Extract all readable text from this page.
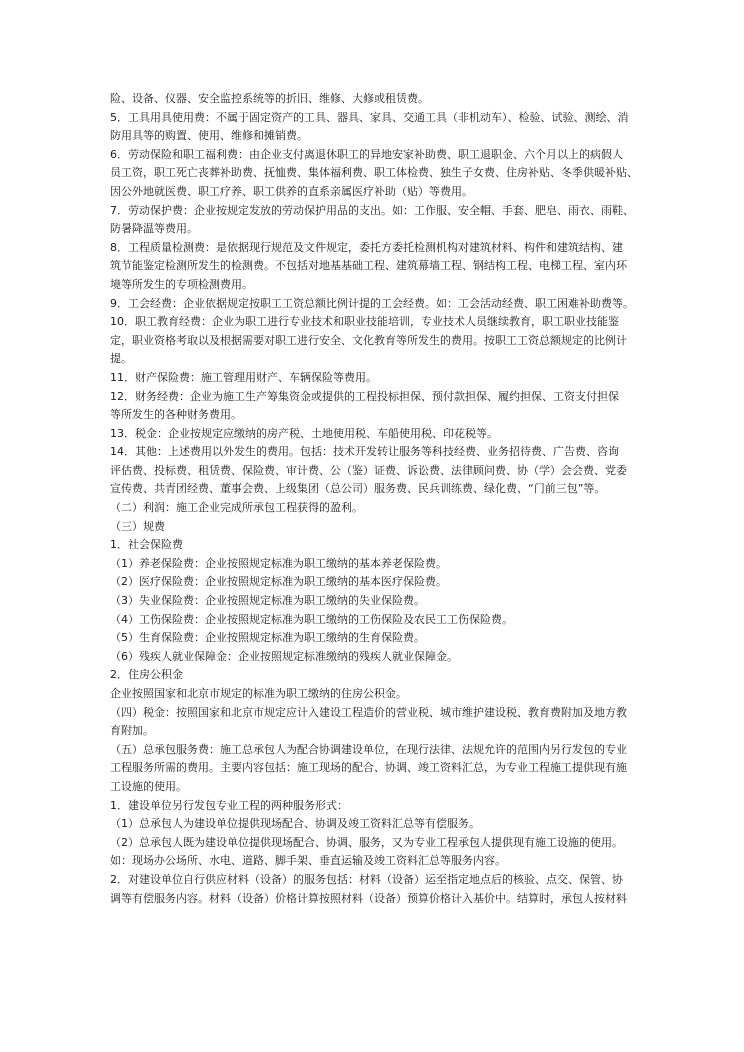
险、设备、仪器、安全监控系统等的折旧、维修、大修或租赁费。
5．工具用具使用费：不属于固定资产的工具、器具、家具、交通工具（非机动车）、检验、试验、测绘、消
防用具等的购置、使用、维修和摊销费。
6．劳动保险和职工福利费：由企业支付离退休职工的异地安家补助费、职工退职金、六个月以上的病假人
员工资，职工死亡丧葬补助费、抚恤费、集体福利费、职工体检费、独生子女费、住房补贴、冬季供暖补贴、
因公外地就医费、职工疗养、职工供养的直系亲属医疗补助（贴）等费用。
7．劳动保护费：企业按规定发放的劳动保护用品的支出。如：工作服、安全帽、手套、肥皂、雨衣、雨鞋、
防暑降温等费用。
8．工程质量检测费：是依据现行规范及文件规定，委托方委托检测机构对建筑材料、构件和建筑结构、建
筑节能鉴定检测所发生的检测费。不包括对地基基础工程、建筑幕墙工程、钢结构工程、电梯工程、室内环
境等所发生的专项检测费用。
9．工会经费：企业依据规定按职工工资总额比例计提的工会经费。如：工会活动经费、职工困难补助费等。
10．职工教育经费：企业为职工进行专业技术和职业技能培训，专业技术人员继续教育，职工职业技能鉴
定，职业资格考取以及根据需要对职工进行安全、文化教育等所发生的费用。按职工工资总额规定的比例计
提。
11．财产保险费：施工管理用财产、车辆保险等费用。
12．财务经费：企业为施工生产筹集资金或提供的工程投标担保、预付款担保、履约担保、工资支付担保
等所发生的各种财务费用。
13．税金：企业按规定应缴纳的房产税、土地使用税、车船使用税、印花税等。
14．其他：上述费用以外发生的费用。包括：技术开发转让服务等科技经费、业务招待费、广告费、咨询
评估费、投标费、租赁费、保险费、审计费、公（鉴）证费、诉讼费、法律顾问费、协（学）会会费、党委
宣传费、共青团经费、董事会费、上级集团（总公司）服务费、民兵训练费、绿化费、“门前三包”等。
（二）利润：施工企业完成所承包工程获得的盈利。
（三）规费
1．社会保险费
（1）养老保险费：企业按照规定标准为职工缴纳的基本养老保险费。
（2）医疗保险费：企业按照规定标准为职工缴纳的基本医疗保险费。
（3）失业保险费：企业按照规定标准为职工缴纳的失业保险费。
（4）工伤保险费：企业按照规定标准为职工缴纳的工伤保险及农民工工伤保险费。
（5）生育保险费：企业按照规定标准为职工缴纳的生育保险费。
（6）残疾人就业保障金：企业按照规定标准缴纳的残疾人就业保障金。
2．住房公积金
企业按照国家和北京市规定的标准为职工缴纳的住房公积金。
（四）税金：按照国家和北京市规定应计入建设工程造价的营业税、城市维护建设税、教育费附加及地方教
育附加。
（五）总承包服务费：施工总承包人为配合协调建设单位，在现行法律、法规允许的范围内另行发包的专业
工程服务所需的费用。主要内容包括：施工现场的配合、协调、竣工资料汇总，为专业工程施工提供现有施
工设施的使用。
1．建设单位另行发包专业工程的两种服务形式：
（1）总承包人为建设单位提供现场配合、协调及竣工资料汇总等有偿服务。
（2）总承包人既为建设单位提供现场配合、协调、服务，又为专业工程承包人提供现有施工设施的使用。
如：现场办公场所、水电、道路、脚手架、垂直运输及竣工资料汇总等服务内容。
2．对建设单位自行供应材料（设备）的服务包括：材料（设备）运至指定地点后的核验、点交、保管、协
调等有偿服务内容。材料（设备）价格计算按照材料（设备）预算价格计入基价中。结算时，承包人按材料
